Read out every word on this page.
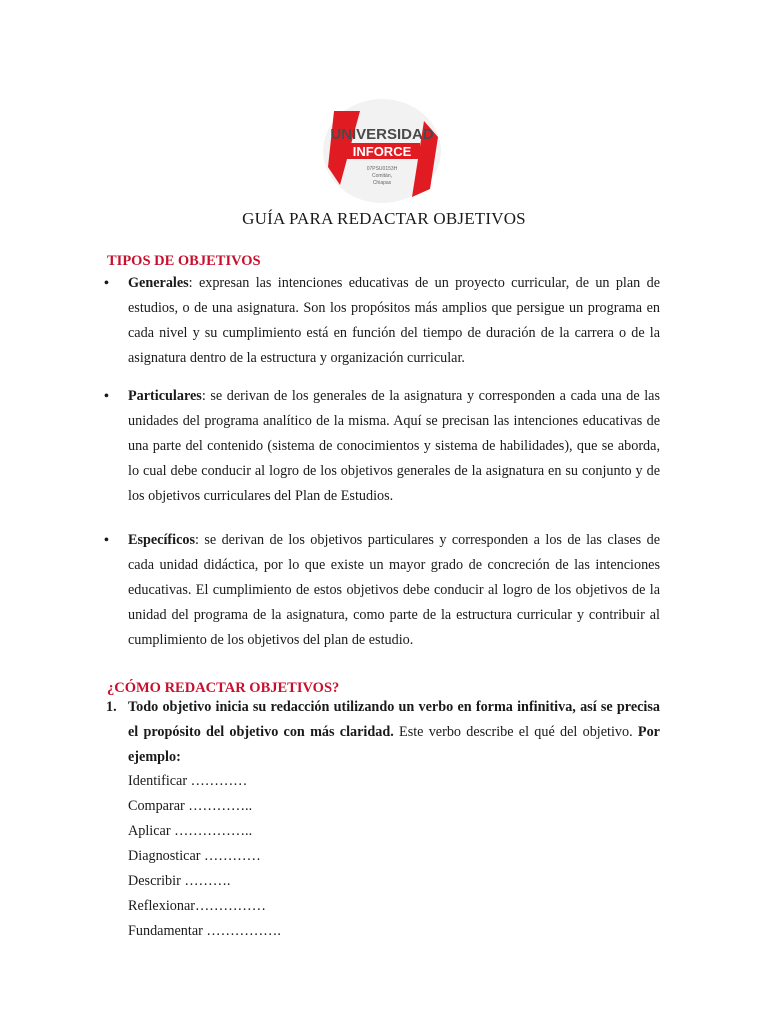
UNIVERSIDAD
INFORCE
07PSU0153H
Comitán,
Chiapas
GUÍA PARA REDACTAR OBJETIVOS
TIPOS DE OBJETIVOS
• Generales: expresan las intenciones educativas de un proyecto curricular, de un plan de estudios, o de una asignatura. Son los propósitos más amplios que persigue un programa en cada nivel y su cumplimiento está en función del tiempo de duración de la carrera o de la asignatura dentro de la estructura y organización curricular.
• Particulares: se derivan de los generales de la asignatura y corresponden a cada una de las unidades del programa analítico de la misma. Aquí se precisan las intenciones educativas de una parte del contenido (sistema de conocimientos y sistema de habilidades), que se aborda, lo cual debe conducir al logro de los objetivos generales de la asignatura en su conjunto y de los objetivos curriculares del Plan de Estudios.
• Específicos: se derivan de los objetivos particulares y corresponden a los de las clases de cada unidad didáctica, por lo que existe un mayor grado de concreción de las intenciones educativas. El cumplimiento de estos objetivos debe conducir al logro de los objetivos de la unidad del programa de la asignatura, como parte de la estructura curricular y contribuir al cumplimiento de los objetivos del plan de estudio.
¿CÓMO REDACTAR OBJETIVOS?
1. Todo objetivo inicia su redacción utilizando un verbo en forma infinitiva, así se precisa el propósito del objetivo con más claridad. Este verbo describe el qué del objetivo. Por ejemplo:
Identificar …………
Comparar …………..
Aplicar ……………..
Diagnosticar …………
Describir ……….
Reflexionar……………
Fundamentar …………….
